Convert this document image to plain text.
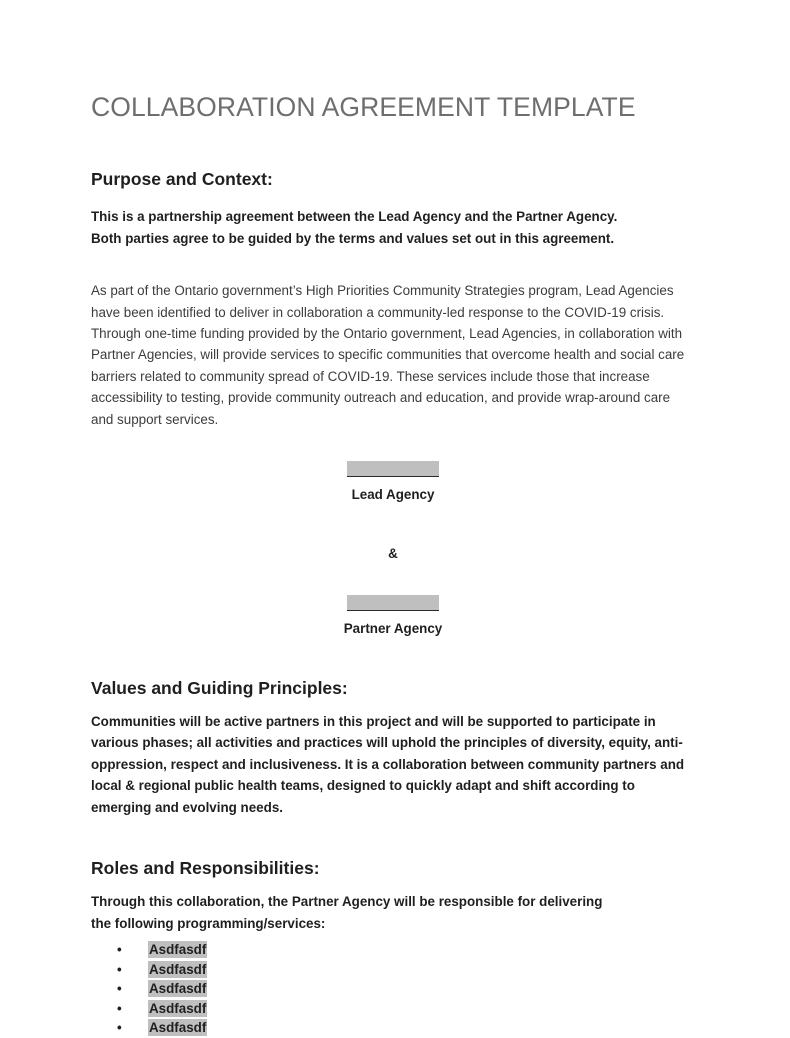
COLLABORATION AGREEMENT TEMPLATE
Purpose and Context:

This is a partnership agreement between the Lead Agency and the Partner Agency.
Both parties agree to be guided by the terms and values set out in this agreement.

As part of the Ontario government’s High Priorities Community Strategies program, Lead Agencies have been identified to deliver in collaboration a community-led response to the COVID-19 crisis. Through one-time funding provided by the Ontario government, Lead Agencies, in collaboration with Partner Agencies, will provide services to specific communities that overcome health and social care barriers related to community spread of COVID-19. These services include those that increase accessibility to testing, provide community outreach and education, and provide wrap-around care and support services.

Lead Agency

&

Partner Agency

Values and Guiding Principles:

Communities will be active partners in this project and will be supported to participate in various phases; all activities and practices will uphold the principles of diversity, equity, anti-oppression, respect and inclusiveness. It is a collaboration between community partners and local & regional public health teams, designed to quickly adapt and shift according to emerging and evolving needs.

Roles and Responsibilities:

Through this collaboration, the Partner Agency will be responsible for delivering
the following programming/services:

• Asdfasdf
• Asdfasdf
• Asdfasdf
• Asdfasdf
• Asdfasdf
